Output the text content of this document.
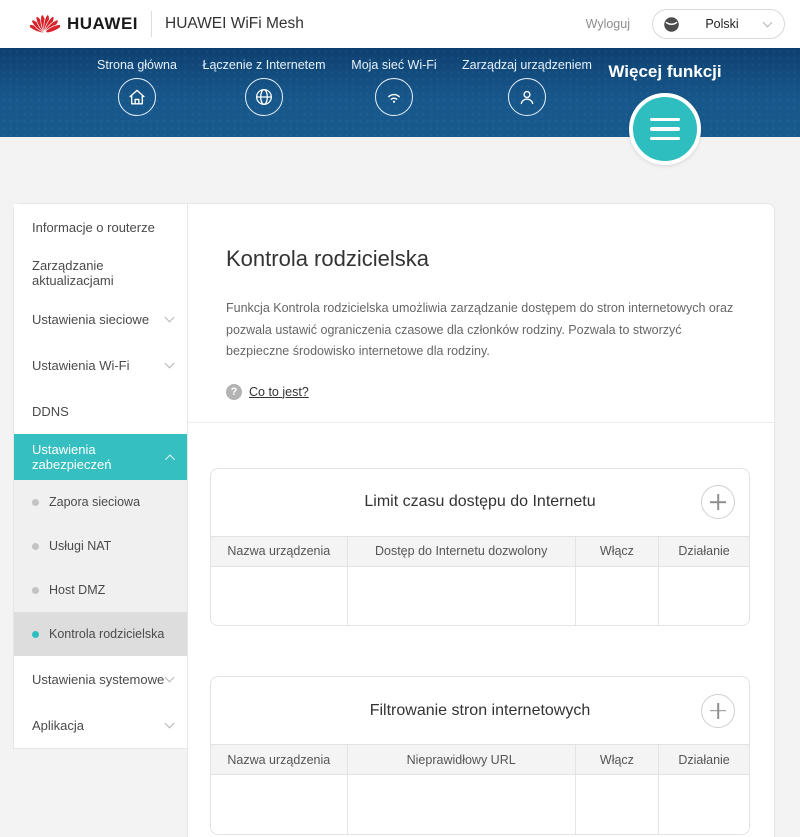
HUAWEI HUAWEI WiFi Mesh	Wyloguj	Polski
Strona główna	Łączenie z Internetem	Moja sieć Wi-Fi	Zarządzaj urządzeniem Więcej funkcji
Informacje o routerze
Zarządzanie aktualizacjami
Ustawienia sieciowe
Ustawienia Wi-Fi
DDNS
Ustawienia zabezpieczeń
Zapora sieciowa
Usługi NAT
Host DMZ
Kontrola rodzicielska
Ustawienia systemowe
Aplikacja
Kontrola rodzicielska

Funkcja Kontrola rodzicielska umożliwia zarządzanie dostępem do stron internetowych oraz pozwala ustawić ograniczenia czasowe dla członków rodziny. Pozwala to stworzyć bezpieczne środowisko internetowe dla rodziny.

? Co to jest?
Limit czasu dostępu do Internetu
Nazwa urządzenia	Dostęp do Internetu dozwolony	Włącz	Działanie

Filtrowanie stron internetowych
Nazwa urządzenia	Nieprawidłowy URL	Włącz	Działanie
